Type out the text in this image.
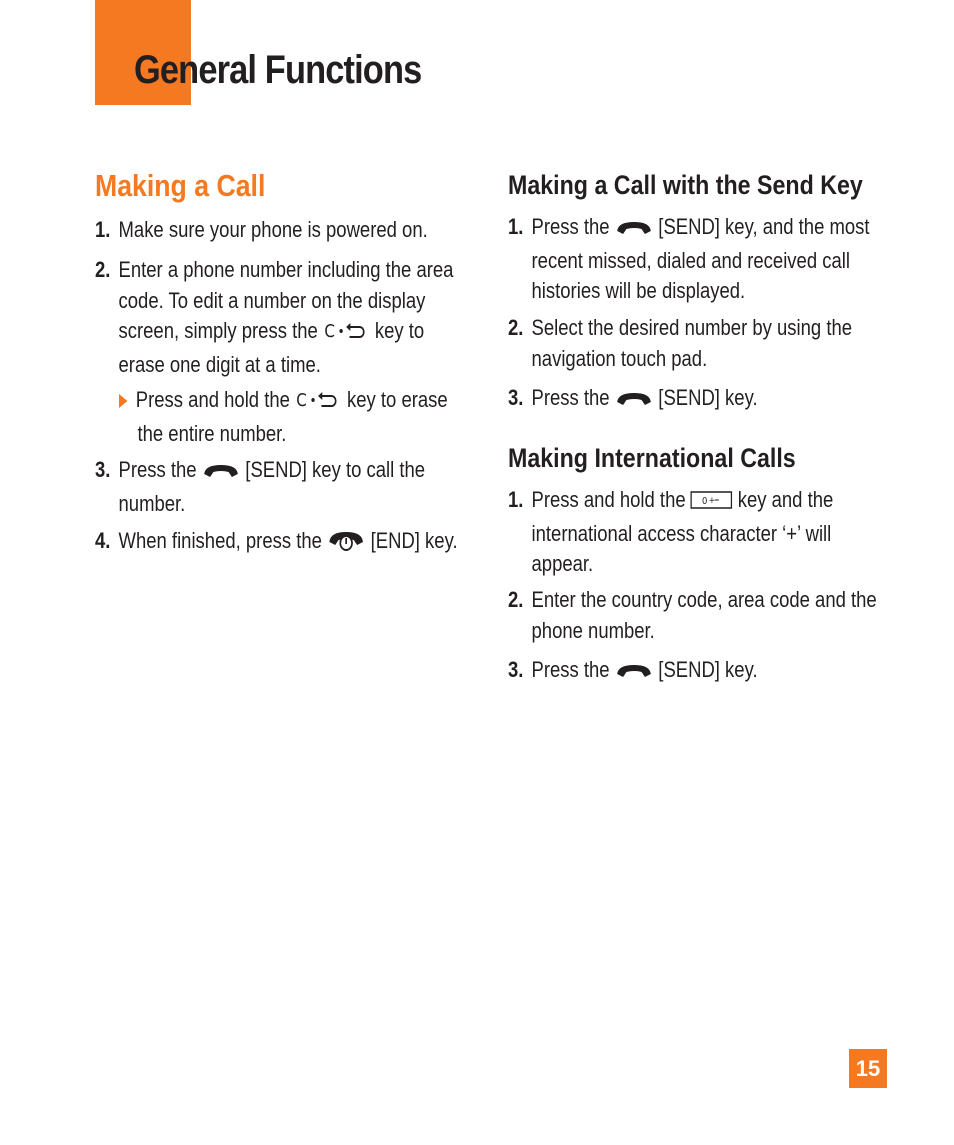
General Functions
Making a Call
1. Make sure your phone is powered on.
2. Enter a phone number including the area
code. To edit a number on the display
screen, simply press the C key to
erase one digit at a time.
Press and hold the C key to erase
the entire number.
3. Press the [SEND] key to call the
number.
4. When finished, press the [END] key.
Making a Call with the Send Key
1. Press the [SEND] key, and the most
recent missed, dialed and received call
histories will be displayed.
2. Select the desired number by using the
navigation touch pad.
3. Press the [SEND] key.
Making International Calls
1. Press and hold the 0 + key and the
international access character ‘+’ will
appear.
2. Enter the country code, area code and the
phone number.
3. Press the [SEND] key.
15
